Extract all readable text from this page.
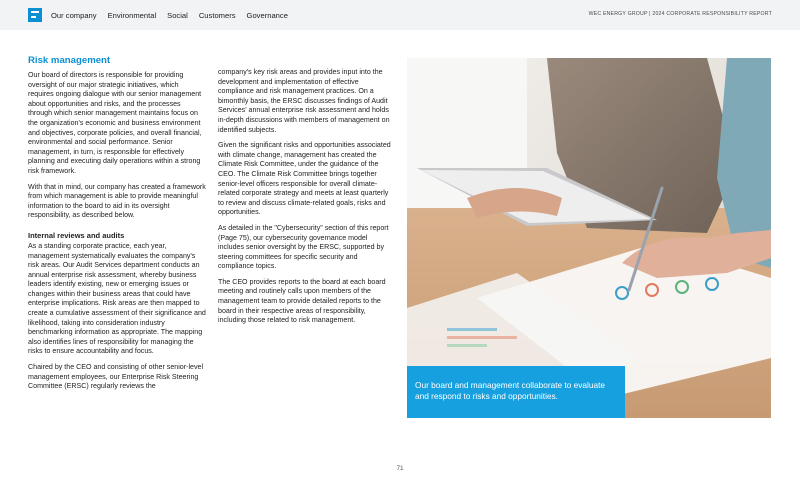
Our company Environmental Social Customers Governance	WEC ENERGY GROUP | 2024 CORPORATE RESPONSIBILITY REPORT
Risk management

Our board of directors is responsible for providing oversight of our major strategic initiatives, which requires ongoing dialogue with our senior management about opportunities and risks, and the processes through which senior management maintains focus on the organization's economic and business environment and objectives, corporate policies, and overall financial, environmental and social performance. Senior management, in turn, is responsible for effectively planning and executing daily operations within a strong risk framework.

With that in mind, our company has created a framework from which management is able to provide meaningful information to the board to aid in its oversight responsibility, as described below.

Internal reviews and audits

As a standing corporate practice, each year, management systematically evaluates the company's risk areas. Our Audit Services department conducts an annual enterprise risk assessment, whereby business leaders identify existing, new or emerging issues or changes within their business areas that could have enterprise implications. Risk areas are then mapped to create a cumulative assessment of their significance and likelihood, taking into consideration industry benchmarking information as appropriate. The mapping also identifies lines of responsibility for managing the risks to ensure accountability and focus.

Chaired by the CEO and consisting of other senior-level management employees, our Enterprise Risk Steering Committee (ERSC) regularly reviews the

company's key risk areas and provides input into the development and implementation of effective compliance and risk management practices. On a bimonthly basis, the ERSC discusses findings of Audit Services' annual enterprise risk assessment and holds in-depth discussions with members of management on identified subjects.

Given the significant risks and opportunities associated with climate change, management has created the Climate Risk Committee, under the guidance of the CEO. The Climate Risk Committee brings together senior-level officers responsible for overall climate-related corporate strategy and meets at least quarterly to review and discuss climate-related goals, risks and opportunities.

As detailed in the "Cybersecurity" section of this report (Page 75), our cybersecurity governance model includes senior oversight by the ERSC, supported by steering committees for specific security and compliance topics.

The CEO provides reports to the board at each board meeting and routinely calls upon members of the management team to provide detailed reports to the board in their respective areas of responsibility, including those related to risk management.

Our board and management collaborate to evaluate and respond to risks and opportunities.
71
